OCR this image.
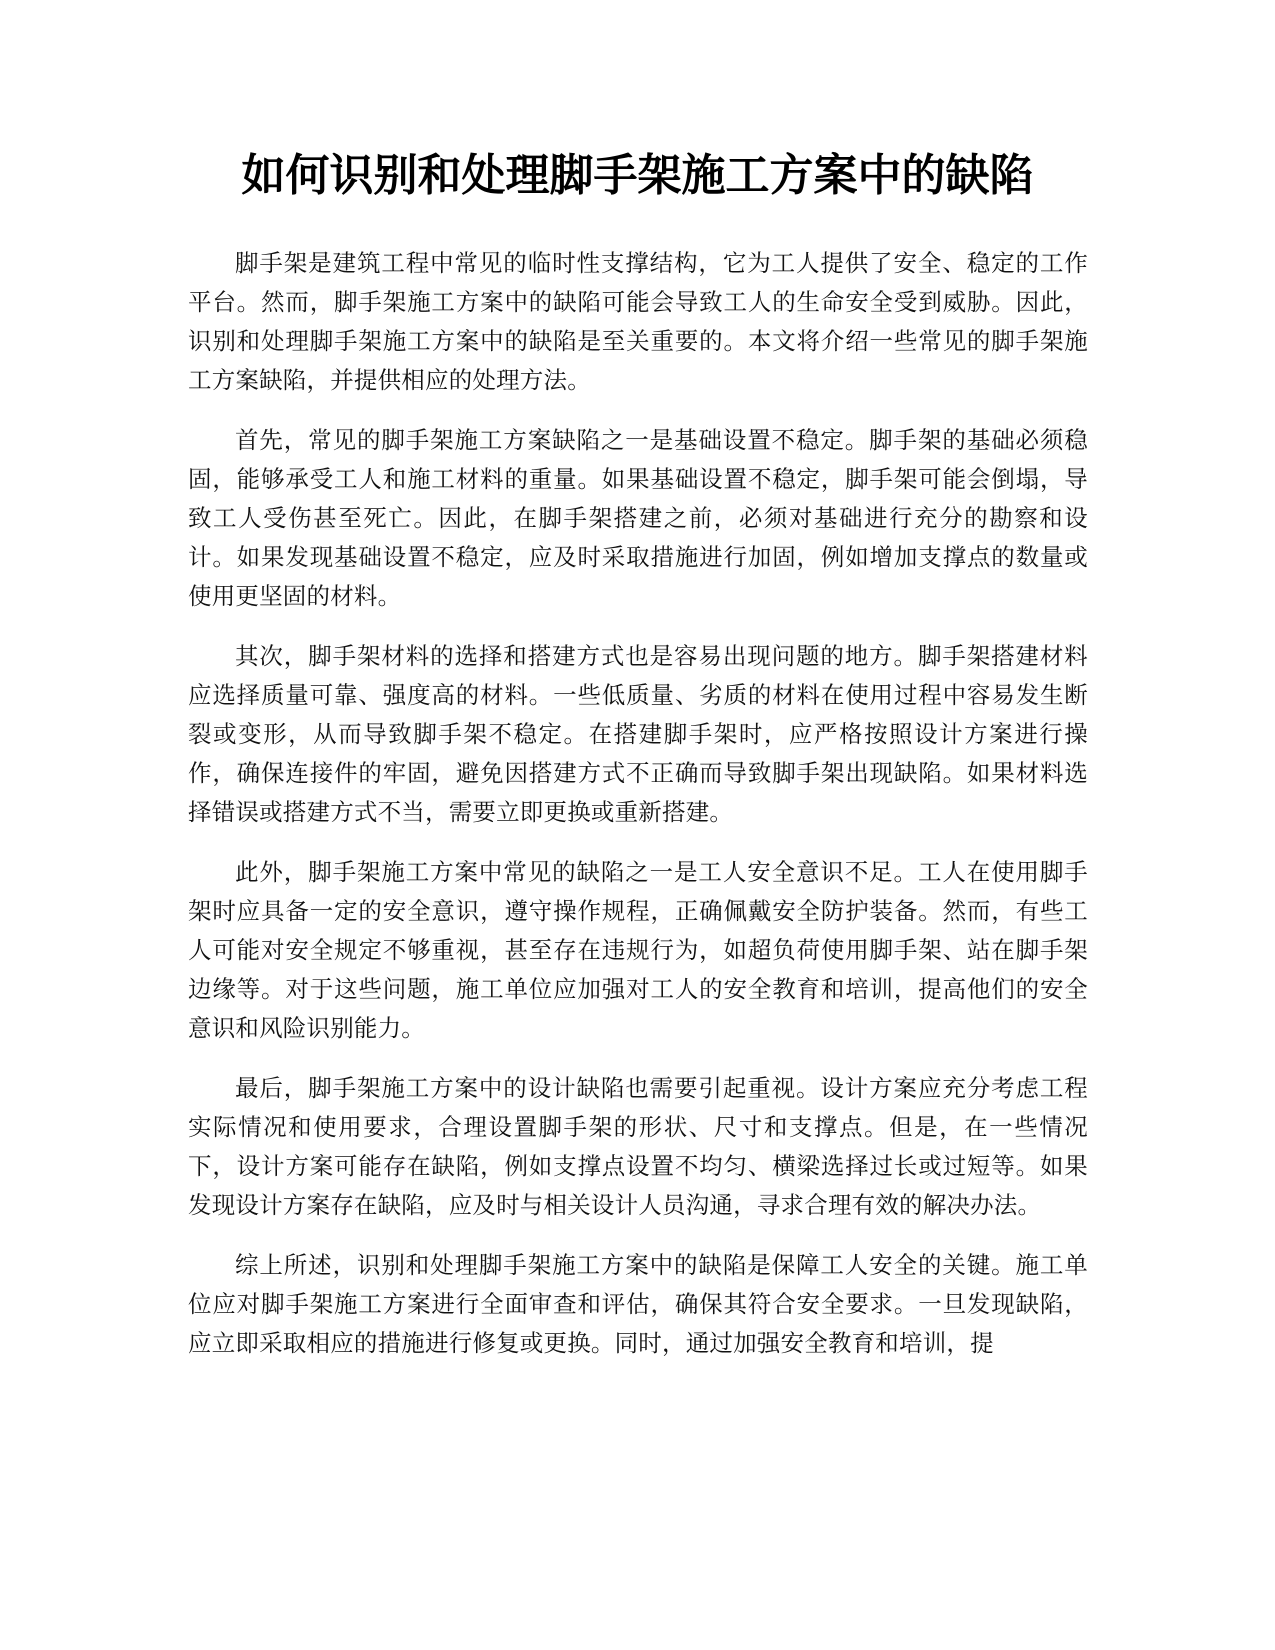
如何识别和处理脚手架施工方案中的缺陷

脚手架是建筑工程中常见的临时性支撑结构，它为工人提供了安全、稳定的工作平台。然而，脚手架施工方案中的缺陷可能会导致工人的生命安全受到威胁。因此，识别和处理脚手架施工方案中的缺陷是至关重要的。本文将介绍一些常见的脚手架施工方案缺陷，并提供相应的处理方法。

首先，常见的脚手架施工方案缺陷之一是基础设置不稳定。脚手架的基础必须稳固，能够承受工人和施工材料的重量。如果基础设置不稳定，脚手架可能会倒塌，导致工人受伤甚至死亡。因此，在脚手架搭建之前，必须对基础进行充分的勘察和设计。如果发现基础设置不稳定，应及时采取措施进行加固，例如增加支撑点的数量或使用更坚固的材料。

其次，脚手架材料的选择和搭建方式也是容易出现问题的地方。脚手架搭建材料应选择质量可靠、强度高的材料。一些低质量、劣质的材料在使用过程中容易发生断裂或变形，从而导致脚手架不稳定。在搭建脚手架时，应严格按照设计方案进行操作，确保连接件的牢固，避免因搭建方式不正确而导致脚手架出现缺陷。如果材料选择错误或搭建方式不当，需要立即更换或重新搭建。

此外，脚手架施工方案中常见的缺陷之一是工人安全意识不足。工人在使用脚手架时应具备一定的安全意识，遵守操作规程，正确佩戴安全防护装备。然而，有些工人可能对安全规定不够重视，甚至存在违规行为，如超负荷使用脚手架、站在脚手架边缘等。对于这些问题，施工单位应加强对工人的安全教育和培训，提高他们的安全意识和风险识别能力。

最后，脚手架施工方案中的设计缺陷也需要引起重视。设计方案应充分考虑工程实际情况和使用要求，合理设置脚手架的形状、尺寸和支撑点。但是，在一些情况下，设计方案可能存在缺陷，例如支撑点设置不均匀、横梁选择过长或过短等。如果发现设计方案存在缺陷，应及时与相关设计人员沟通，寻求合理有效的解决办法。

综上所述，识别和处理脚手架施工方案中的缺陷是保障工人安全的关键。施工单位应对脚手架施工方案进行全面审查和评估，确保其符合安全要求。一旦发现缺陷，应立即采取相应的措施进行修复或更换。同时，通过加强安全教育和培训，提
